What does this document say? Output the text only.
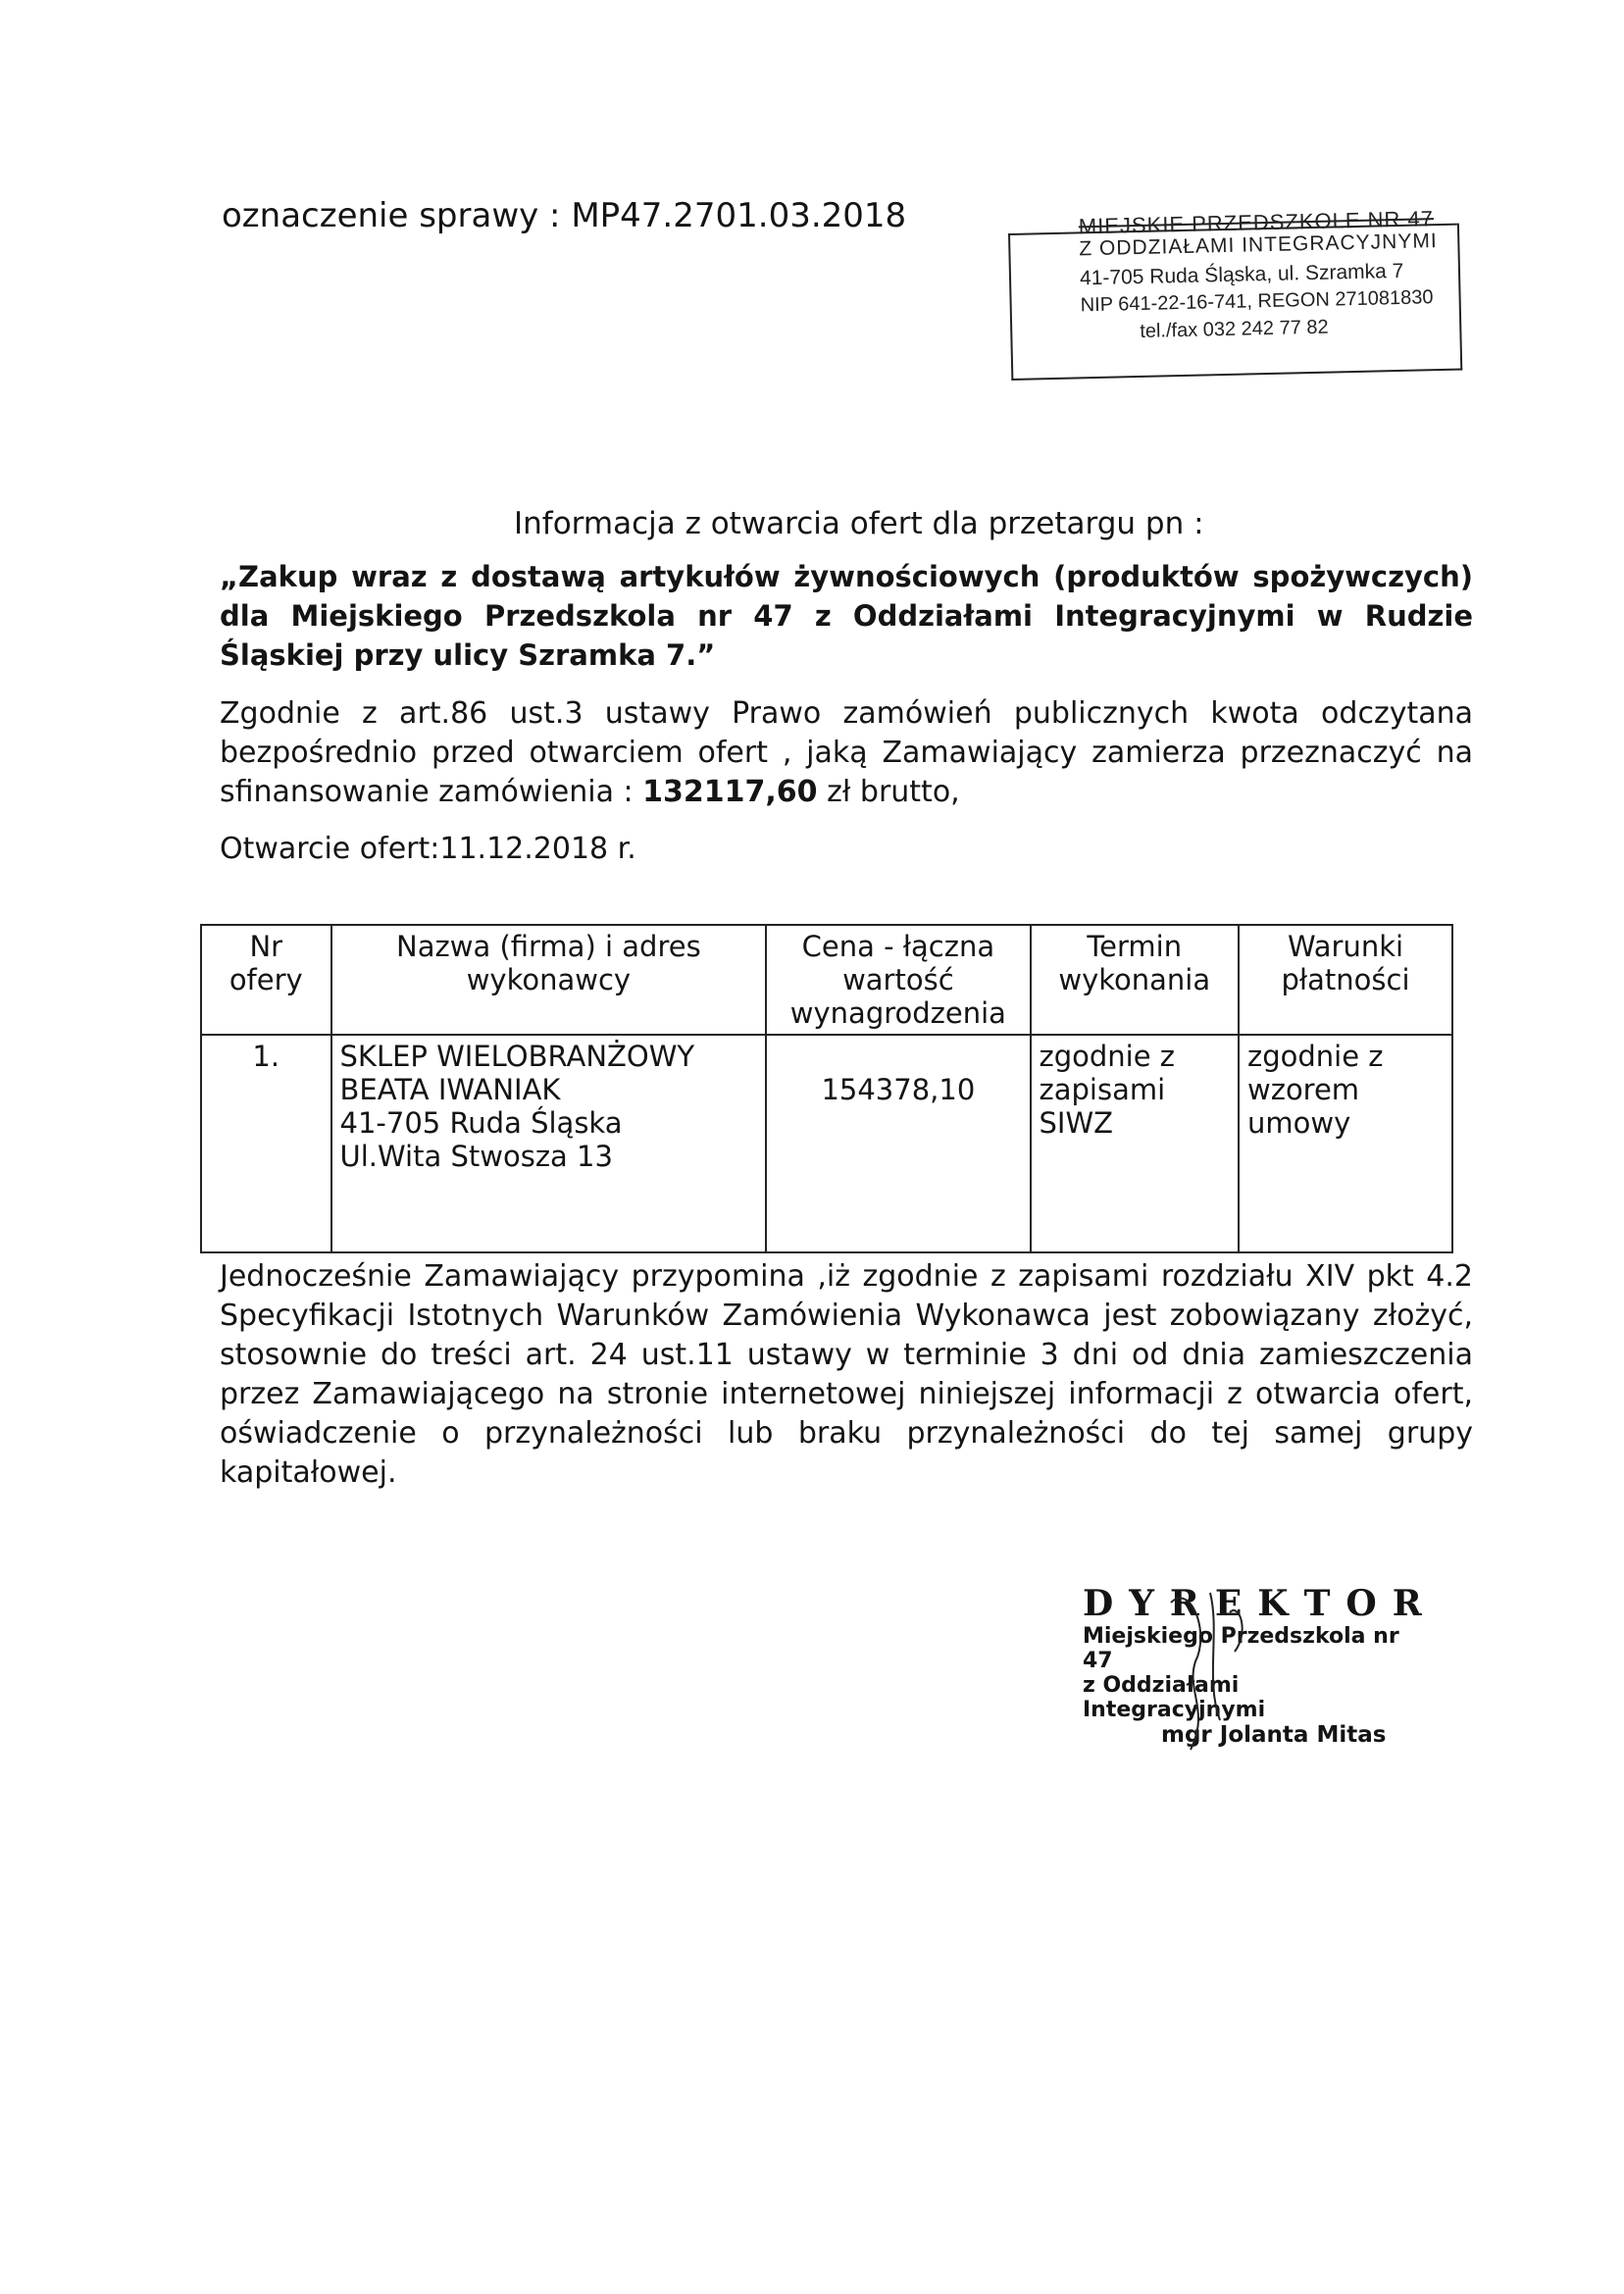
oznaczenie sprawy : MP47.2701.03.2018	MIEJSKIE PRZEDSZKOLE NR 47
Z ODDZIAŁAMI INTEGRACYJNYMI
41-705 Ruda Śląska, ul. Szramka 7
NIP 641-22-16-741, REGON 271081830
tel./fax 032 242 77 82
Informacja z otwarcia ofert dla przetargu pn :
„Zakup wraz z dostawą artykułów żywnościowych (produktów spożywczych) dla Miejskiego Przedszkola nr 47 z Oddziałami Integracyjnymi w Rudzie Śląskiej przy ulicy Szramka 7.”
Zgodnie z art.86 ust.3 ustawy Prawo zamówień publicznych kwota odczytana bezpośrednio przed otwarciem ofert , jaką Zamawiający zamierza przeznaczyć na sfinansowanie zamówienia : 132117,60 zł brutto,
Otwarcie ofert:11.12.2018 r.
Nr ofery	Nazwa (firma) i adres wykonawcy	Cena - łączna wartość wynagrodzenia	Termin wykonania	Warunki płatności
1.	SKLEP WIELOBRANŻOWY
BEATA IWANIAK
41-705 Ruda Śląska
Ul.Wita Stwosza 13	154378,10	zgodnie z zapisami SIWZ	zgodnie z wzorem umowy
Jednocześnie Zamawiający przypomina ,iż zgodnie z zapisami rozdziału XIV pkt 4.2 Specyfikacji Istotnych Warunków Zamówienia Wykonawca jest zobowiązany złożyć, stosownie do treści art. 24 ust.11 ustawy w terminie 3 dni od dnia zamieszczenia przez Zamawiającego na stronie internetowej niniejszej informacji z otwarcia ofert, oświadczenie o przynależności lub braku przynależności do tej samej grupy kapitałowej.
DYREKTOR
Miejskiego Przedszkola nr 47
z Oddziałami Integracyjnymi
mgr Jolanta Mitas
